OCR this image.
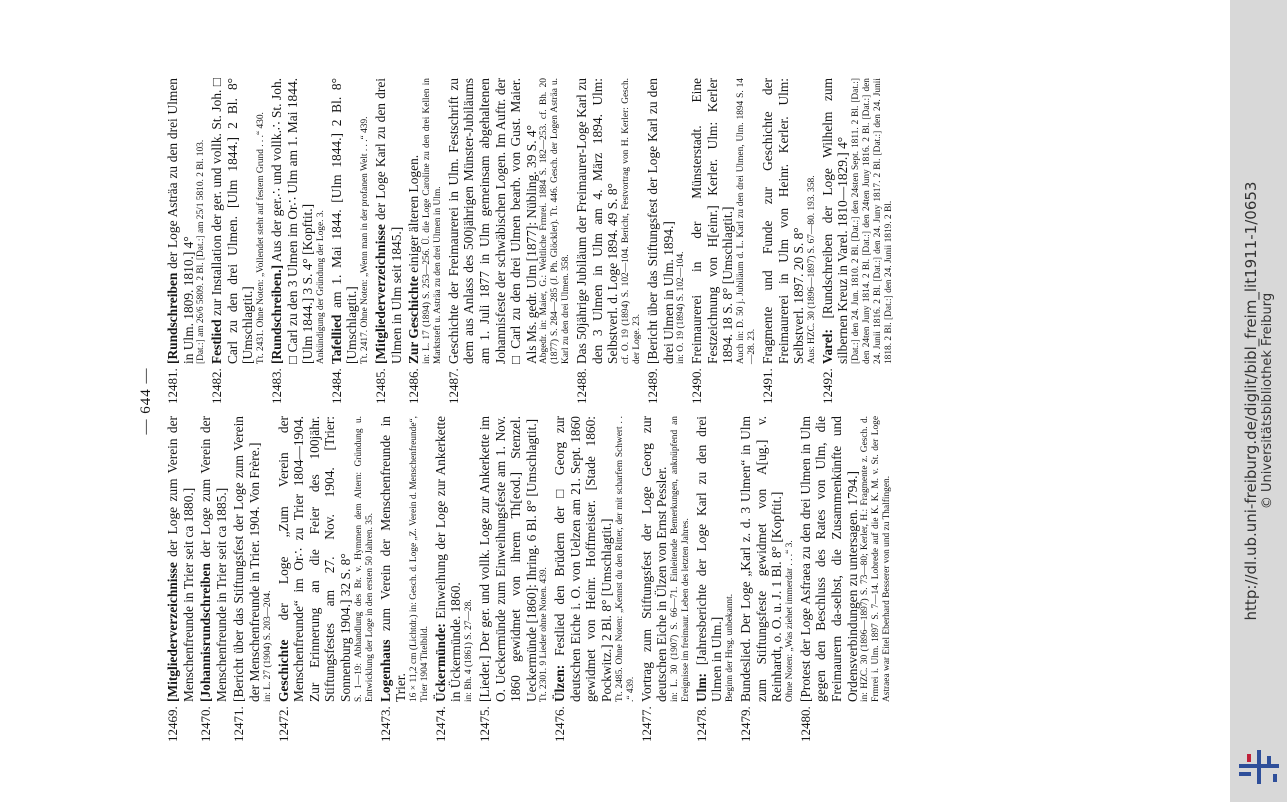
— 644 —
12469.
[Mitgliederverzeichnisse der Loge zum Verein der Menschenfreunde in Trier seit ca 1880.]
12470.
[Johannisrundschreiben der Loge zum Verein der Menschenfreunde in Trier seit ca 1885.]
12471.
[Bericht über das Stiftungsfest der Loge zum Verein der Menschenfreunde in Trier. 1904. Von Frère.] in: L. 27 (1904) S. 203—204.
12472.
Geschichte der Loge „Zum Verein der Menschenfreunde“ im Or∴ zu Trier 1804—1904. Zur Erinnerung an die Feier des 100jähr. Stiftungsfestes am 27. Nov. 1904. [Trier: Sonnenburg 1904.] 32 S. 8° S. 1—19: Abhandlung des Br. v. Hymmen dem Altern: Gründung u. Entwicklung der Loge in den ersten 50 Jahren. 35.
12473.
Logenhaus zum Verein der Menschenfreunde in Trier. 16 × 11,2 cm (Lichtdr.) in: Gesch. d. Loge „Z. Verein d. Menschenfreunde“, Trier 1904 Titelbild.
12474.
Ückermünde: Einweihung der Loge zur Ankerkette in Ückermünde. 1860. in: Bh. 4 (1861) S. 27—28.
12475.
[Lieder.] Der ger. und vollk. Loge zur Ankerkette im O. Ueckermünde zum Einweihungsfeste am 1. Nov. 1860 gewidmet von ihrem Th[eod.] Stenzel. Ueckermünde [1860]: Ihring. 6 Bl. 8° [Umschlagtit.] Tt. 2301. 9 Lieder ohne Noten. 439.
12476.
Ülzen: Festlied den Brüdern der □ Georg zur deutschen Eiche i. O. von Uelzen am 21. Sept. 1860 gewidmet von Heinr. Hoffmeister. [Stade 1860: Pockwitz.] 2 Bl. 8° [Umschlagtit.] Tt. 2485. Ohne Noten: „Kennst du den Ritter, der mit scharfem Schwert . . .“ 439.
12477.
Vortrag zum Stiftungsfest der Loge Georg zur deutschen Eiche in Ülzen von Ernst Pessler. in: L. 30 (1907) S. 66—71. Einleitende Bemerkungen, anknüpfend an Ereignisse im freimaur. Leben des letzten Jahres.
12478.
Ulm: [Jahresberichte der Loge Karl zu den drei Ulmen in Ulm.] Beginn der Hrsg. unbekannt.
12479.
Bundeslied. Der Loge „Karl z. d. 3 Ulmen“ in Ulm zum Stiftungsfeste gewidmet von A[ug.] v. Reinhardt, o. O. u. J. 1 Bl. 8° [Kopftit.] Ohne Noten: „Was ziehet immerdar . . .“ 3.
12480.
[Protest der Loge Asfraea zu den drei Ulmen in Ulm gegen den Beschluss des Rates von Ulm, die Freimaurern da-selbst, die Zusammenkünfte und Ordensverbindungen zu untersagen. 1794.] in: HZC. 30 (1896—1897) S. 73—80; Kerler, H.: Fragmente z. Gesch. d. Frmrei i. Ulm. 1897 S. 7—14. Lobrede auf die K. K. M. v. St. der Loge Astraea war Eitel Eberhard Besserer von und zu Thalfingen.
12481.
[Rundschreiben der Loge Asträa zu den drei Ulmen in Ulm. 1809. 1810.] 4° [Dat.:] am 26/6 5809. 2 Bl. [Dat.:] am 25/1 5810. 2 Bl. 103.
12482.
Festlied zur Installation der ger. und vollk. St. Joh. □ Carl zu den drei Ulmen. [Ulm 1844.] 2 Bl. 8° [Umschlagtit.] Tt. 2431. Ohne Noten: „Vollendet steht auf festem Grund . . .“ 430.
12483.
[Rundschreiben.] Aus der ger.∴ und vollk.∴ St. Joh. □ Carl zu den 3 Ulmen im Or∴ Ulm am 1. Mai 1844. [Ulm 1844.] 3 S. 4° [Kopftit.] Ankündigung der Gründung der Loge. 3.
12484.
Tafellied am 1. Mai 1844. [Ulm 1844.] 2 Bl. 8° [Umschlagtit.] Tt. 2417. Ohne Noten: „Wenn man in der profanen Welt . . .“ 439.
12485.
[Mitgliederverzeichnisse der Loge Karl zu den drei Ulmen in Ulm seit 1845.]
12486.
Zur Geschichte einiger älteren Logen. in: L. 17 (1894) S. 253—256. Ü. die Loge Caroline zu den drei Kellen in Marktsteft u. Asträa zu den drei Ulmen in Ulm.
12487.
Geschichte der Freimaurerei in Ulm. Festschrift zu dem aus Anlass des 500jährigen Münster-Jubiläums am 1. Juli 1877 in Ulm gemeinsam abgehaltenen Johannisfeste der schwäbischen Logen. Im Auftr. der □ Carl zu den drei Ulmen bearb. von Gust. Maier. Als Ms. gedr. Ulm [1877]: Nübling. 39 S. 4° Abgedr. in: Maier, G.: Weltliche Frmrei. 1884 S. 182—253. cf. Bh. 20 (1877) S. 284—285 (J. Ph. Glöckler). Tt. 446. Gesch. der Logen Asträa u. Karl zu den drei Ulmen. 358.
12488.
Das 50jährige Jubiläum der Freimaurer-Loge Karl zu den 3 Ulmen in Ulm am 4. März 1894. Ulm: Selbstverl. d. Loge 1894. 49 S. 8° cf. O. 19 (1894) S. 102—104. Bericht, Festvortrag von H. Kerler: Gesch. der Loge. 23.
12489.
[Bericht über das Stiftungsfest der Loge Karl zu den drei Ulmen in Ulm. 1894.] in: O. 19 (1894) S. 102—104.
12490.
Freimaurerei in der Münsterstadt. Eine Festzeichnung von H[einr.] Kerler. Ulm: Kerler 1894. 18 S. 8° [Umschlagtit.] Auch in: D. 50 j. Jubiläum d. L. Karl zu den drei Ulmen, Ulm. 1894 S. 14—28. 23.
12491.
Fragmente und Funde zur Geschichte der Freimaurerei in Ulm von Heinr. Kerler. Ulm: Selbstverl. 1897. 20 S. 8° Aus: HZC. 30 (1896—1897) S. 67—80. 193. 358.
12492.
Varel: [Rundschreiben der Loge Wilhelm zum silbernen Kreuz in Varel. 1810—1829.] 4° [Dat.:] den 24. Jun. 1810. 2 Bl. [Dat.:] den 24sten Sept. 1811. 2 Bl. [Dat.:] den 24ten Juny 1814. 2 Bl. [Dat.:] den 24ten Juny 1816. 2 Bl. [Dat.:] den 24. Junii 1816. 2 Bl. [Dat.:] den 24. Juny 1817. 2 Bl. [Dat.:] den 24. Junii 1818. 2 Bl. [Dat.:] den 24. Junii 1819. 2 Bl.	http://dl.ub.uni-freiburg.de/diglit/bibl_freim_lit1911-1/0653 © Universitätsbibliothek Freiburg
